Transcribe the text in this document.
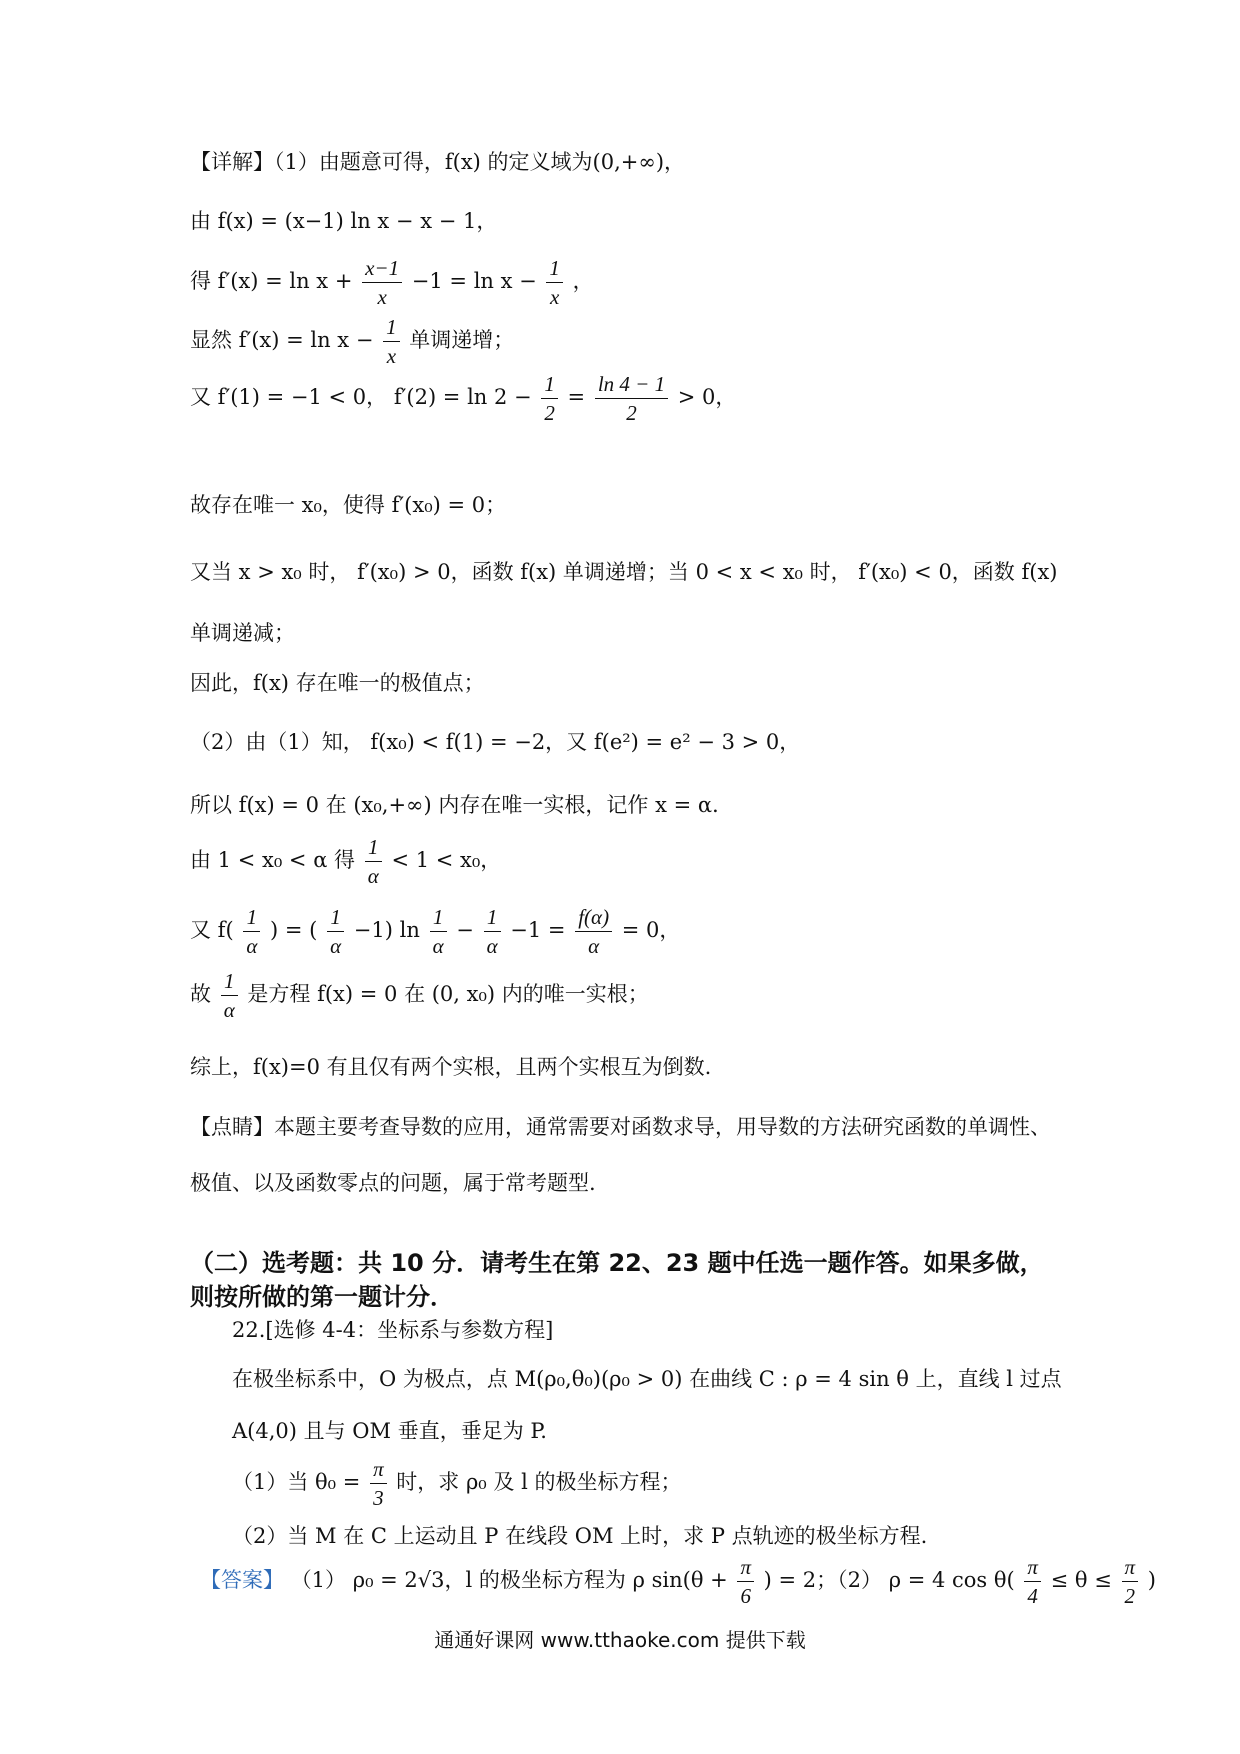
【详解】（1）由题意可得，f(x) 的定义域为(0,+∞)，
由 f(x) = (x−1) ln x − x − 1，
得 $f'(x) = \ln x + \frac{x-1}{x} -1 = \ln x - \frac{1}{x}$ ，
显然 $f'(x) = \ln x - \frac{1}{x}$ 单调递增；
又 f′(1) = −1 < 0， $f'(2) = \ln 2 - \frac{1}{2} = \frac{\ln 4 - 1}{2} > 0$，
故存在唯一 x₀，使得 f′(x₀) = 0；
又当 x > x₀ 时， f′(x₀) > 0，函数 f(x) 单调递增；当 0 < x < x₀ 时， f′(x₀) < 0，函数 f(x)
单调递减；
因此，f(x) 存在唯一的极值点；
（2）由（1）知， f(x₀) < f(1) = −2，又 f(e²) = e² − 3 > 0，
所以 f(x) = 0 在 (x₀,+∞) 内存在唯一实根，记作 x = α．
由 1 < x₀ < α 得 $\frac{1}{\alpha} < 1 < x_0$，
又 $f( \frac{1}{\alpha}$ ) = ( $\frac{1}{\alpha} -1$) $\ln \frac{1}{\alpha} - \frac{1}{\alpha} -1 = \frac{f(\alpha)}{\alpha} = 0$，
故 $\frac{1}{\alpha}$ 是方程 f(x) = 0 在 (0, x₀) 内的唯一实根；
综上，f(x)=0 有且仅有两个实根，且两个实根互为倒数.
【点睛】本题主要考查导数的应用，通常需要对函数求导，用导数的方法研究函数的单调性、
极值、以及函数零点的问题，属于常考题型.
（二）选考题：共 10 分．请考生在第 22、23 题中任选一题作答。如果多做，
则按所做的第一题计分．
22.[选修 4-4：坐标系与参数方程]
在极坐标系中，O 为极点，点 M(ρ₀,θ₀)(ρ₀ > 0) 在曲线 C : ρ = 4 sin θ 上，直线 l 过点
A(4,0) 且与 OM 垂直，垂足为 P.
（1）当 $\theta_0 = \frac{\pi}{3}$ 时，求 ρ₀ 及 l 的极坐标方程；
（2）当 M 在 C 上运动且 P 在线段 OM 上时，求 P 点轨迹的极坐标方程.
【答案】 （1） ρ₀ = 2√3，l 的极坐标方程为 ρ $\sin(\theta + \frac{\pi}{6}$ ) = 2；（2） ρ = 4 $\cos \theta( \frac{\pi}{4} \le \theta \le \frac{\pi}{2}$ )
通通好课网 www.tthaoke.com 提供下载
